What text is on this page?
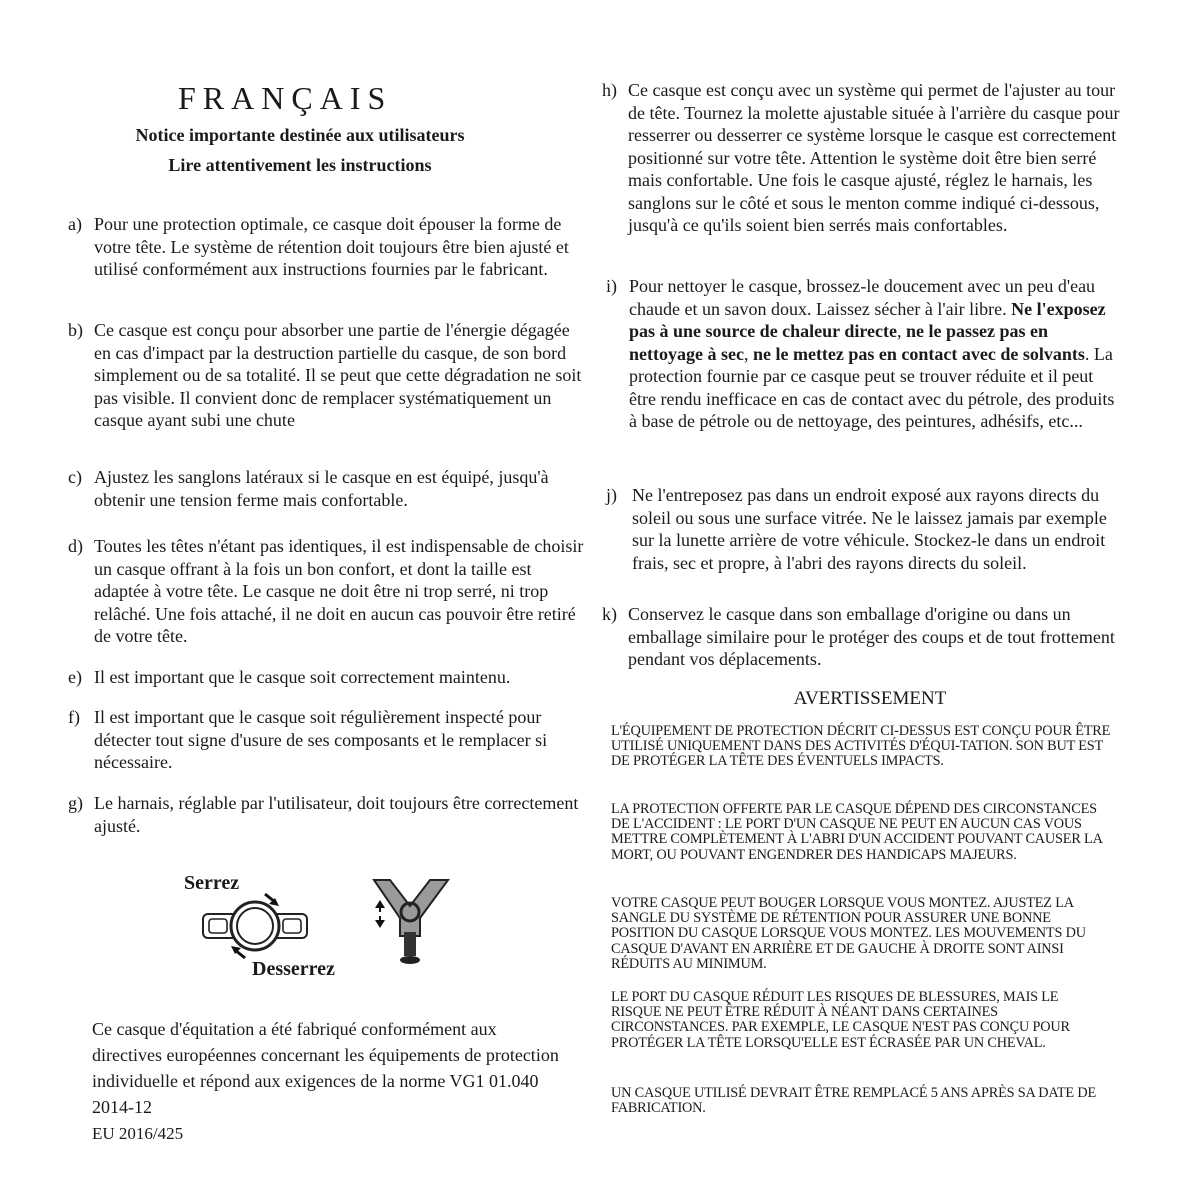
FRANÇAIS
Notice importante destinée aux utilisateurs
Lire attentivement les instructions
a) Pour une protection optimale, ce casque doit épouser la forme de votre tête. Le système de rétention doit toujours être bien ajusté et utilisé conformément aux instructions fournies par le fabricant.
b) Ce casque est conçu pour absorber une partie de l'énergie dégagée en cas d'impact par la destruction partielle du casque, de son bord simplement ou de sa totalité. Il se peut que cette dégradation ne soit pas visible. Il convient donc de remplacer systématiquement un casque ayant subi une chute
c) Ajustez les sanglons latéraux si le casque en est équipé, jusqu'à obtenir une tension ferme mais confortable.
d) Toutes les têtes n'étant pas identiques, il est indispensable de choisir un casque offrant à la fois un bon confort, et dont la taille est adaptée à votre tête. Le casque ne doit être ni trop serré, ni trop relâché. Une fois attaché, il ne doit en aucun cas pouvoir être retiré de votre tête.
e) Il est important que le casque soit correctement maintenu.
f) Il est important que le casque soit régulièrement inspecté pour détecter tout signe d'usure de ses composants et le remplacer si nécessaire.
g) Le harnais, réglable par l'utilisateur, doit toujours être correctement ajusté.
Serrez
Desserrez
Ce casque d'équitation a été fabriqué conformément aux directives européennes concernant les équipements de protection individuelle et répond aux exigences de la norme VG1 01.040 2014-12
EU 2016/425
h) Ce casque est conçu avec un système qui permet de l'ajuster au tour de tête. Tournez la molette ajustable située à l'arrière du casque pour resserrer ou desserrer ce système lorsque le casque est correctement positionné sur votre tête. Attention le système doit être bien serré mais confortable. Une fois le casque ajusté, réglez le harnais, les sanglons sur le côté et sous le menton comme indiqué ci-dessous, jusqu'à ce qu'ils soient bien serrés mais confortables.
i) Pour nettoyer le casque, brossez-le doucement avec un peu d'eau chaude et un savon doux. Laissez sécher à l'air libre. Ne l'exposez pas à une source de chaleur directe, ne le passez pas en nettoyage à sec, ne le mettez pas en contact avec de solvants. La protection fournie par ce casque peut se trouver réduite et il peut être rendu inefficace en cas de contact avec du pétrole, des produits à base de pétrole ou de nettoyage, des peintures, adhésifs, etc...
j) Ne l'entreposez pas dans un endroit exposé aux rayons directs du soleil ou sous une surface vitrée. Ne le laissez jamais par exemple sur la lunette arrière de votre véhicule. Stockez-le dans un endroit frais, sec et propre, à l'abri des rayons directs du soleil.
k) Conservez le casque dans son emballage d'origine ou dans un emballage similaire pour le protéger des coups et de tout frottement pendant vos déplacements.
AVERTISSEMENT
L'ÉQUIPEMENT DE PROTECTION DÉCRIT CI-DESSUS EST CONÇU POUR ÊTRE UTILISÉ UNIQUEMENT DANS DES ACTIVITÉS D'ÉQUI-TATION. SON BUT EST DE PROTÉGER LA TÊTE DES ÉVENTUELS IMPACTS.
LA PROTECTION OFFERTE PAR LE CASQUE DÉPEND DES CIRCONSTANCES DE L'ACCIDENT : LE PORT D'UN CASQUE NE PEUT EN AUCUN CAS VOUS METTRE COMPLÈTEMENT À L'ABRI D'UN ACCIDENT POUVANT CAUSER LA MORT, OU POUVANT ENGENDRER DES HANDICAPS MAJEURS.
VOTRE CASQUE PEUT BOUGER LORSQUE VOUS MONTEZ. AJUSTEZ LA SANGLE DU SYSTÈME DE RÉTENTION POUR ASSURER UNE BONNE POSITION DU CASQUE LORSQUE VOUS MONTEZ. LES MOUVEMENTS DU CASQUE D'AVANT EN ARRIÈRE ET DE GAUCHE À DROITE SONT AINSI RÉDUITS AU MINIMUM.
LE PORT DU CASQUE RÉDUIT LES RISQUES DE BLESSURES, MAIS LE RISQUE NE PEUT ÊTRE RÉDUIT À NÉANT DANS CERTAINES CIRCONSTANCES. PAR EXEMPLE, LE CASQUE N'EST PAS CONÇU POUR PROTÉGER LA TÊTE LORSQU'ELLE EST ÉCRASÉE PAR UN CHEVAL.
UN CASQUE UTILISÉ DEVRAIT ÊTRE REMPLACÉ 5 ANS APRÈS SA DATE DE FABRICATION.
